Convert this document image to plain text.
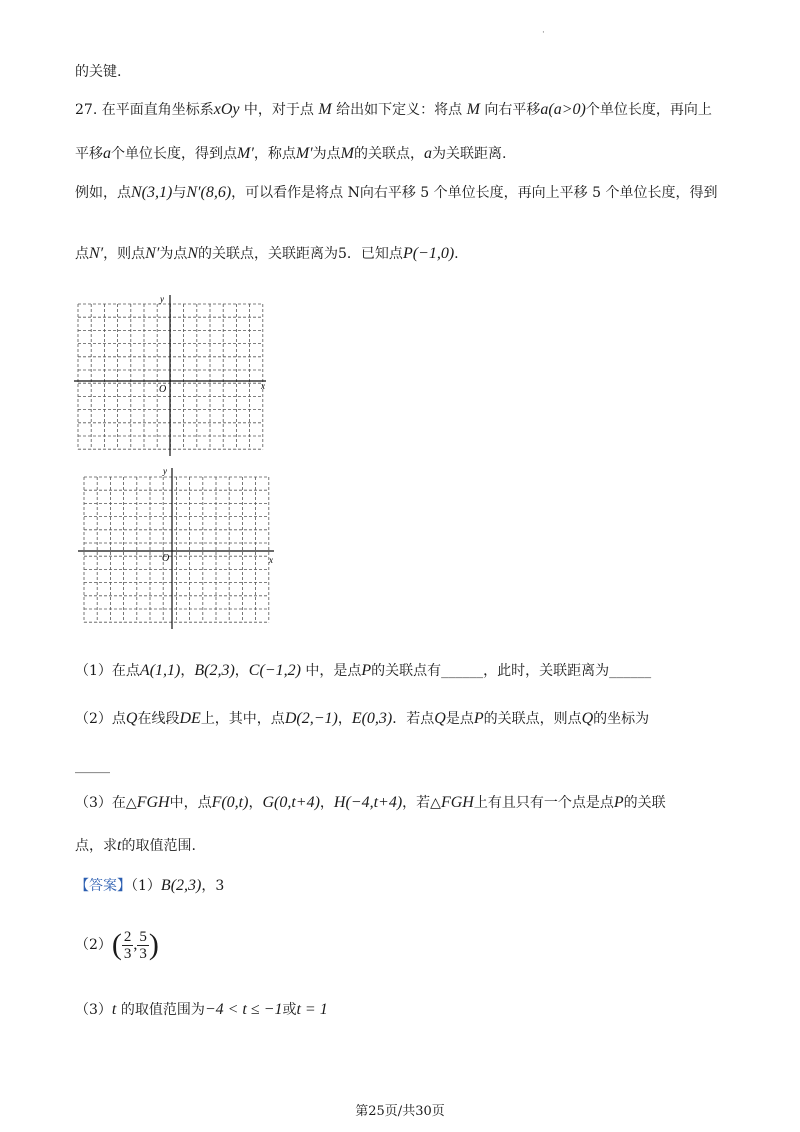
·
的关键.
27. 在平面直角坐标系xOy 中，对于点 M 给出如下定义：将点 M 向右平移a(a>0)个单位长度，再向上
平移a个单位长度，得到点M′，称点M′为点M的关联点，a为关联距离.
例如，点N(3,1)与N′(8,6)，可以看作是将点 N向右平移 5 个单位长度，再向上平移 5 个单位长度，得到
点N′，则点N′为点N的关联点，关联距离为5．已知点P(−1,0).
O	x
y
O	x
y
（1）在点A(1,1)，B(2,3)，C(−1,2) 中，是点P的关联点有______，此时，关联距离为______
（2）点Q在线段DE上，其中，点D(2,−1)，E(0,3)．若点Q是点P的关联点，则点Q的坐标为
_____
（3）在△FGH中，点F(0,t)，G(0,t+4)，H(−4,t+4)，若△FGH上有且只有一个点是点P的关联
点，求t的取值范围.
【答案】（1）B(2,3)，3
$(2)( \frac{2}{3}$ , $\frac{5}{3}$ )
（3）t 的取值范围为−4 < t ≤ −1或t = 1
第25页/共30页
